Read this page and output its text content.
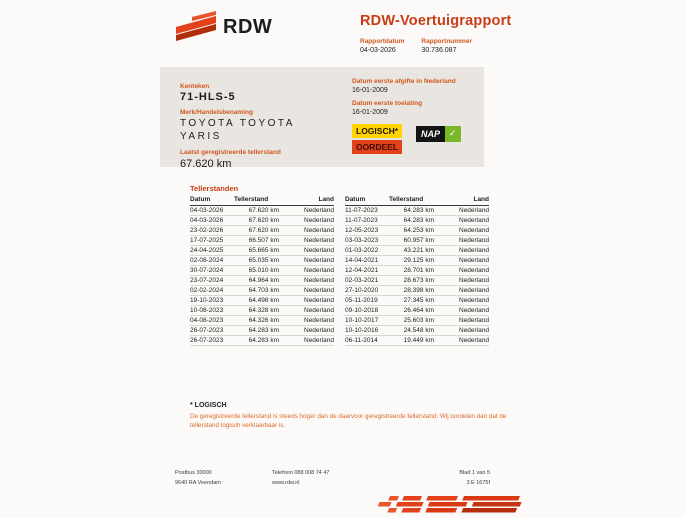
RDW	RDW-Voertuigrapport
Rapportdatum
04-03-2026
Rapportnummer
30.736.087
Kenteken
71-HLS-5
Merk/Handelsbenaming
TOYOTA TOYOTA
YARIS
Laatst geregistreerde tellerstand
67.620 km
Datum eerste afgifte in Nederland
16-01-2009
Datum eerste toelating
16-01-2009
LOGISCH*
OORDEEL
NAP	✓
Tellerstanden
Datum	Tellerstand	Land
04-03-2026	67.620 km	Nederland
04-03-2026	67.620 km	Nederland
23-02-2026	67.620 km	Nederland
17-07-2025	66.507 km	Nederland
24-04-2025	65.665 km	Nederland
02-08-2024	65.035 km	Nederland
30-07-2024	65.010 km	Nederland
23-07-2024	64.964 km	Nederland
02-02-2024	64.703 km	Nederland
19-10-2023	64.498 km	Nederland
10-08-2023	64.328 km	Nederland
04-08-2023	64.326 km	Nederland
26-07-2023	64.283 km	Nederland
26-07-2023	64.283 km	Nederland
Datum	Tellerstand	Land
11-07-2023	64.283 km	Nederland
11-07-2023	64.283 km	Nederland
12-05-2023	64.253 km	Nederland
03-03-2023	60.957 km	Nederland
01-03-2022	43.221 km	Nederland
14-04-2021	29.125 km	Nederland
12-04-2021	28.701 km	Nederland
02-03-2021	28.673 km	Nederland
27-10-2020	28.398 km	Nederland
05-11-2019	27.345 km	Nederland
09-10-2018	26.464 km	Nederland
10-10-2017	25.603 km	Nederland
10-10-2016	24.548 km	Nederland
06-11-2014	19.449 km	Nederland
* LOGISCH
De geregistreerde tellerstand is steeds hoger dan de daarvoor geregistreerde tellerstand. Wij oordelen dan dat de tellerstand logisch verklaarbaar is.
Postbus 30000
9640 RA Veendam
Telefoon 088 008 74 47
www.rdw.nl
Blad 1 van 5
3 E 1675f
